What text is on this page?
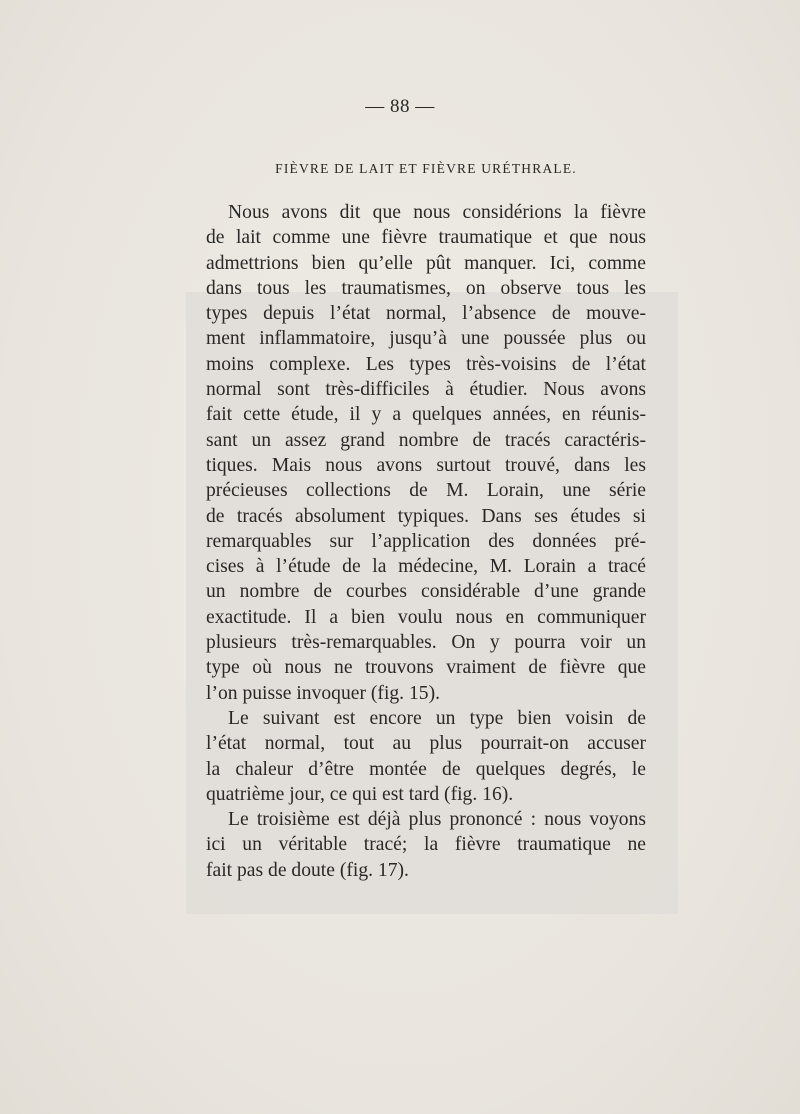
— 88 —
FIÈVRE DE LAIT ET FIÈVRE URÉTHRALE.

Nous avons dit que nous considérions la fièvre
de lait comme une fièvre traumatique et que nous
admettrions bien qu’elle pût manquer. Ici, comme
dans tous les traumatismes, on observe tous les
types depuis l’état normal, l’absence de mouve-
ment inflammatoire, jusqu’à une poussée plus ou
moins complexe. Les types très-voisins de l’état
normal sont très-difficiles à étudier. Nous avons
fait cette étude, il y a quelques années, en réunis-
sant un assez grand nombre de tracés caractéris-
tiques. Mais nous avons surtout trouvé, dans les
précieuses collections de M. Lorain, une série
de tracés absolument typiques. Dans ses études si
remarquables sur l’application des données pré-
cises à l’étude de la médecine, M. Lorain a tracé
un nombre de courbes considérable d’une grande
exactitude. Il a bien voulu nous en communiquer
plusieurs très-remarquables. On y pourra voir un
type où nous ne trouvons vraiment de fièvre que
l’on puisse invoquer (fig. 15).

Le suivant est encore un type bien voisin de
l’état normal, tout au plus pourrait-on accuser
la chaleur d’être montée de quelques degrés, le
quatrième jour, ce qui est tard (fig. 16).

Le troisième est déjà plus prononcé : nous voyons
ici un véritable tracé; la fièvre traumatique ne
fait pas de doute (fig. 17).
